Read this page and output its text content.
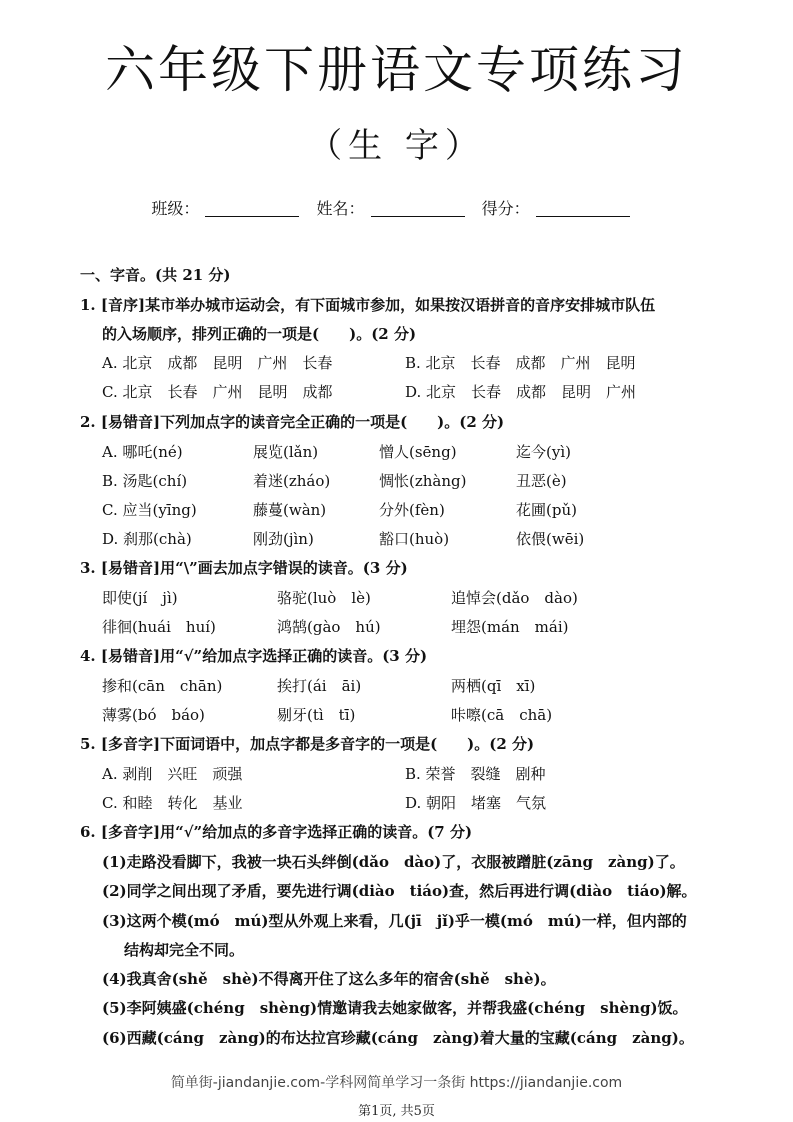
六年级下册语文专项练习
（生 字）
班级：	姓名：	得分：
一、字音。(共 21 分)
1. [音序]某市举办城市运动会，有下面城市参加，如果按汉语拼音的音序安排城市队伍
的入场顺序，排列正确的一项是(　　)。(2 分)
A. 北京　成都　昆明　广州　长春	B. 北京　长春　成都　广州　昆明
C. 北京　长春　广州　昆明　成都	D. 北京　长春　成都　昆明　广州
2. [易错音]下列加点字的读音完全正确的一项是(　　)。(2 分)
A. 哪吒(né)	展览(lǎn)	憎人(sēng)	迄今(yì)
B. 汤匙(chí)	着迷(zháo)	惆怅(zhàng)	丑恶(è)
C. 应当(yīng)	藤蔓(wàn)	分外(fèn)	花圃(pǔ)
D. 刹那(chà)	刚劲(jìn)	豁口(huò)	依偎(wēi)
3. [易错音]用“\”画去加点字错误的读音。(3 分)
即使(jí　jì)	骆驼(luò　lè)	追悼会(dǎo　dào)
徘徊(huái　huí)	鸿鹄(gào　hú)	埋怨(mán　mái)
4. [易错音]用“√”给加点字选择正确的读音。(3 分)
掺和(cān　chān)	挨打(ái　āi)	两栖(qī　xī)
薄雾(bó　báo)	剔牙(tì　tī)	咔嚓(cā　chā)
5. [多音字]下面词语中，加点字都是多音字的一项是(　　)。(2 分)
A. 剥削　兴旺　顽强	B. 荣誉　裂缝　剧种
C. 和睦　转化　基业	D. 朝阳　堵塞　气氛
6. [多音字]用“√”给加点的多音字选择正确的读音。(7 分)
(1)走路没看脚下，我被一块石头绊倒(dǎo　dào)了，衣服被蹭脏(zāng　zàng)了。
(2)同学之间出现了矛盾，要先进行调(diào　tiáo)查，然后再进行调(diào　tiáo)解。
(3)这两个模(mó　mú)型从外观上来看，几(jī　jǐ)乎一模(mó　mú)一样，但内部的
结构却完全不同。
(4)我真舍(shě　shè)不得离开住了这么多年的宿舍(shě　shè)。
(5)李阿姨盛(chéng　shèng)情邀请我去她家做客，并帮我盛(chéng　shèng)饭。
(6)西藏(cáng　zàng)的布达拉宫珍藏(cáng　zàng)着大量的宝藏(cáng　zàng)。
简单街-jiandanjie.com-学科网简单学习一条街 https://jiandanjie.com
第1页, 共5页
